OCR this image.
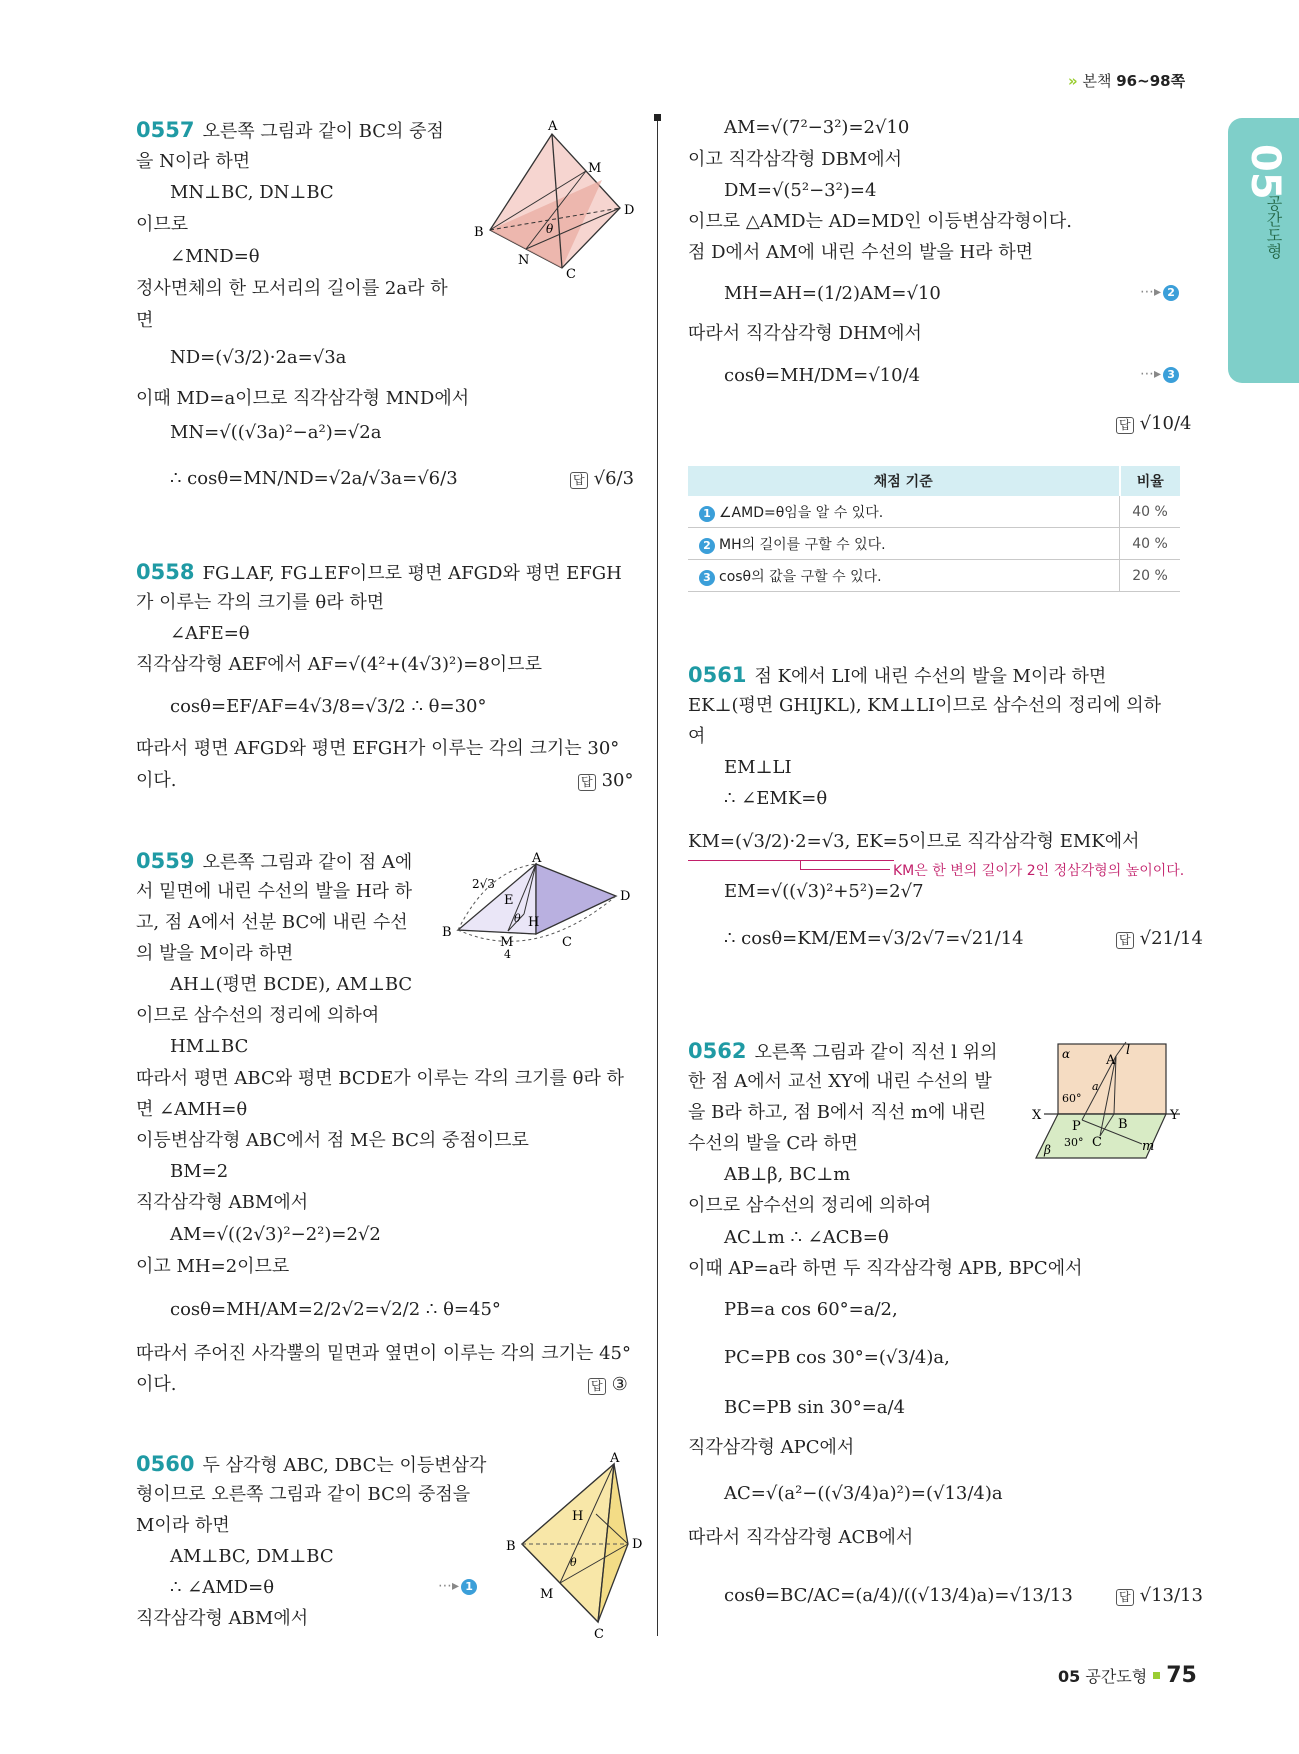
» 본책 96~98쪽
05
공간도형
0557 오른쪽 그림과 같이 BC의 중점
을 N이라 하면
MN⊥BC, DN⊥BC
이므로
∠MND=θ
정사면체의 한 모서리의 길이를 2a라 하
면
ND=(√3/2)·2a=√3a
이때 MD=a이므로 직각삼각형 MND에서
MN=√((√3a)²−a²)=√2a
∴ cosθ=MN/ND=√2a/√3a=√6/3	답 √6/3
A
M
D
B
N
C
θ
0558 FG⊥AF, FG⊥EF이므로 평면 AFGD와 평면 EFGH
가 이루는 각의 크기를 θ라 하면
∠AFE=θ
직각삼각형 AEF에서 AF=√(4²+(4√3)²)=8이므로
cosθ=EF/AF=4√3/8=√3/2 ∴ θ=30°
따라서 평면 AFGD와 평면 EFGH가 이루는 각의 크기는 30°
이다.	답 30°
0559 오른쪽 그림과 같이 점 A에
서 밑면에 내린 수선의 발을 H라 하
고, 점 A에서 선분 BC에 내린 수선
의 발을 M이라 하면
AH⊥(평면 BCDE), AM⊥BC
이므로 삼수선의 정리에 의하여
HM⊥BC
따라서 평면 ABC와 평면 BCDE가 이루는 각의 크기를 θ라 하
면 ∠AMH=θ
이등변삼각형 ABC에서 점 M은 BC의 중점이므로
BM=2
직각삼각형 ABM에서
AM=√((2√3)²−2²)=2√2
이고 MH=2이므로
cosθ=MH/AM=2/2√2=√2/2 ∴ θ=45°
따라서 주어진 사각뿔의 밑면과 옆면이 이루는 각의 크기는 45°
이다.	답 ③
A
2√3
E	D
θ H
B
M	C
4
0560 두 삼각형 ABC, DBC는 이등변삼각
형이므로 오른쪽 그림과 같이 BC의 중점을
M이라 하면
AM⊥BC, DM⊥BC
∴ ∠AMD=θ	⋯▸ 1
직각삼각형 ABM에서
AM=√(7²−3²)=2√10
이고 직각삼각형 DBM에서
DM=√(5²−3²)=4
이므로 △AMD는 AD=MD인 이등변삼각형이다.
점 D에서 AM에 내린 수선의 발을 H라 하면
MH=AH=(1/2)AM=√10	⋯▸ 2
따라서 직각삼각형 DHM에서
cosθ=MH/DM=√10/4	⋯▸ 3
답 √10/4
채점 기준	비율
1 ∠AMD=θ임을 알 수 있다.	40 %
2 MH의 길이를 구할 수 있다.	40 %
3 cosθ의 값을 구할 수 있다.	20 %
A
H
D
B
θ
M
C
0561 점 K에서 LI에 내린 수선의 발을 M이라 하면
EK⊥(평면 GHIJKL), KM⊥LI이므로 삼수선의 정리에 의하
여
EM⊥LI
∴ ∠EMK=θ
KM=(√3/2)·2=√3, EK=5이므로 직각삼각형 EMK에서
KM은 한 변의 길이가 2인 정삼각형의 높이이다.
EM=√((√3)²+5²)=2√7
∴ cosθ=KM/EM=√3/2√7=√21/14	답 √21/14
0562 오른쪽 그림과 같이 직선 l 위의
한 점 A에서 교선 XY에 내린 수선의 발
을 B라 하고, 점 B에서 직선 m에 내린
수선의 발을 C라 하면
AB⊥β, BC⊥m
이므로 삼수선의 정리에 의하여
AC⊥m ∴ ∠ACB=θ
이때 AP=a라 하면 두 직각삼각형 APB, BPC에서
PB=a cos 60°=a/2,
PC=PB cos 30°=(√3/4)a,
BC=PB sin 30°=a/4
직각삼각형 APC에서
AC=√(a²−((√3/4)a)²)=(√13/4)a
따라서 직각삼각형 ACB에서
cosθ=BC/AC=(a/4)/((√13/4)a)=√13/13	답 √13/13
α	A
l
60°
a
X
P	B
Y
β
30° C	m
05 공간도형 75
